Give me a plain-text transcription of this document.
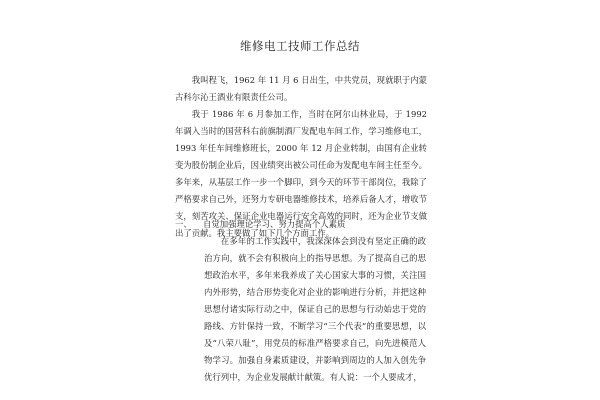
维修电工技师工作总结
我叫程飞，1962 年 11 月 6 日出生，中共党员，现就职于内蒙古科尔沁王酒业有限责任公司。
我于 1986 年 6 月参加工作，当时在阿尔山林业局，于 1992 年调入当时的国营科右前旗制酒厂发配电车间工作，学习维修电工，1993 年任车间维修班长，2000 年 12 月企业转制，由国有企业转变为股份制企业后，因业绩突出被公司任命为发配电车间主任至今。多年来，从基层工作一步一个脚印，到今天的环节干部岗位，我除了严格要求自己外，还努力专研电器维修技术，培养后备人才，增收节支，刻苦攻关、保证企业电器运行安全高效的同时，还为企业节支做出了贡献。我主要做了如下几个方面工作。
一、 自觉加强理论学习、努力提高个人素质
在多年的工作实践中，我深深体会到没有坚定正确的政治方向，就不会有积极向上的指导思想。为了提高自己的思想政治水平，多年来我养成了关心国家大事的习惯，关注国内外形势，结合形势变化对企业的影响进行分析，并把这种思想付诸实际行动之中，保证自己的思想与行动始忠于党的路线、方针保持一致，不断学习“三个代表”的重要思想，以及“八荣八耻”，用党员的标准严格要求自己，向先进模范人物学习。加强自身素质建设，并影响到周边的人加入创先争优行列中，为企业发展献计献策。有人说：一个人要成才，
